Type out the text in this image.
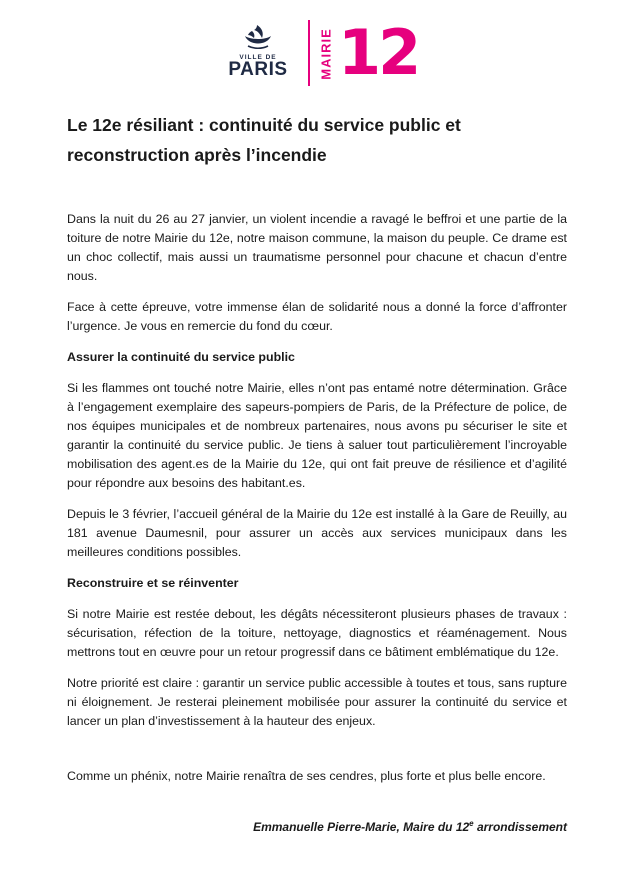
VILLE DE
PARIS	MAIRIE 12
Le 12e résiliant : continuité du service public et reconstruction après l’incendie

Dans la nuit du 26 au 27 janvier, un violent incendie a ravagé le beffroi et une partie de la toiture de notre Mairie du 12e, notre maison commune, la maison du peuple. Ce drame est un choc collectif, mais aussi un traumatisme personnel pour chacune et chacun d’entre nous.

Face à cette épreuve, votre immense élan de solidarité nous a donné la force d’affronter l’urgence. Je vous en remercie du fond du cœur.

Assurer la continuité du service public

Si les flammes ont touché notre Mairie, elles n’ont pas entamé notre détermination. Grâce à l’engagement exemplaire des sapeurs-pompiers de Paris, de la Préfecture de police, de nos équipes municipales et de nombreux partenaires, nous avons pu sécuriser le site et garantir la continuité du service public. Je tiens à saluer tout particulièrement l’incroyable mobilisation des agent.es de la Mairie du 12e, qui ont fait preuve de résilience et d’agilité pour répondre aux besoins des habitant.es.

Depuis le 3 février, l’accueil général de la Mairie du 12e est installé à la Gare de Reuilly, au 181 avenue Daumesnil, pour assurer un accès aux services municipaux dans les meilleures conditions possibles.

Reconstruire et se réinventer

Si notre Mairie est restée debout, les dégâts nécessiteront plusieurs phases de travaux : sécurisation, réfection de la toiture, nettoyage, diagnostics et réaménagement. Nous mettrons tout en œuvre pour un retour progressif dans ce bâtiment emblématique du 12e.

Notre priorité est claire : garantir un service public accessible à toutes et tous, sans rupture ni éloignement. Je resterai pleinement mobilisée pour assurer la continuité du service et lancer un plan d’investissement à la hauteur des enjeux.

Comme un phénix, notre Mairie renaîtra de ses cendres, plus forte et plus belle encore.

Emmanuelle Pierre-Marie, Maire du 12e arrondissement
